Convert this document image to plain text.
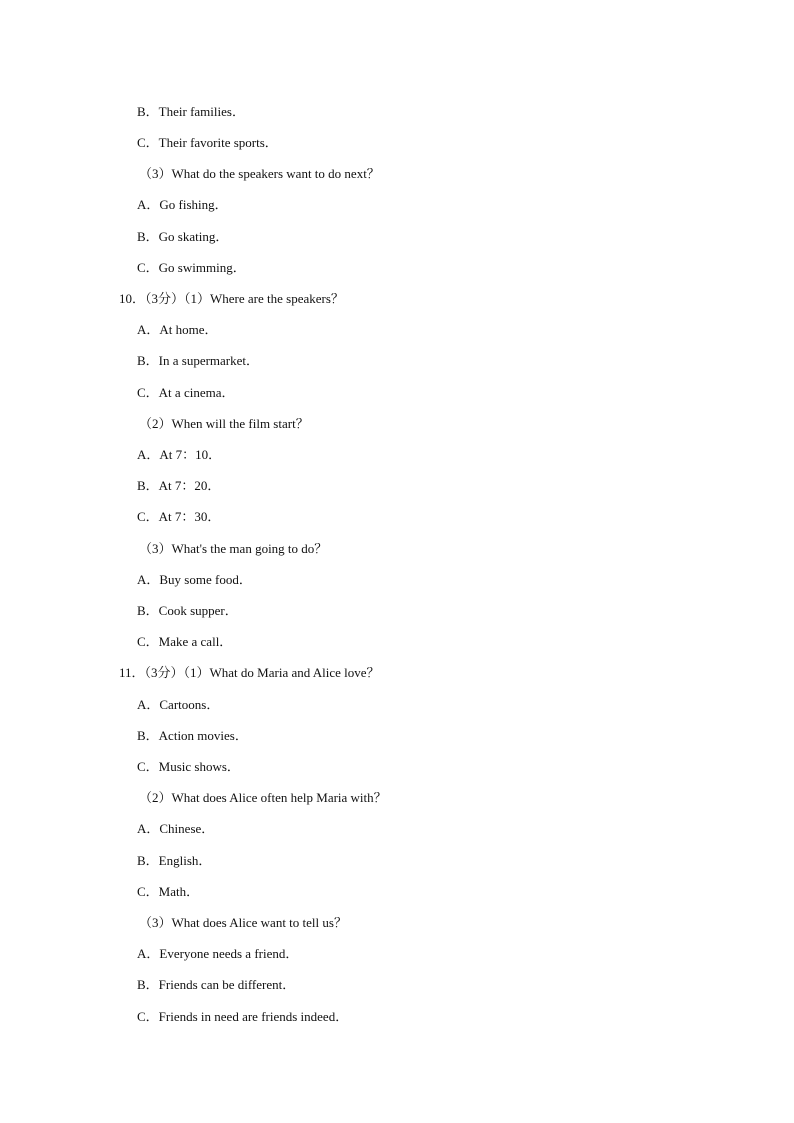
B．Their families．
C．Their favorite sports．
（3）What do the speakers want to do next？
A．Go fishing．
B．Go skating．
C．Go swimming．
10．（3分）（1）Where are the speakers？
A．At home．
B．In a supermarket．
C．At a cinema．
（2）When will the film start？
A．At 7：10．
B．At 7：20．
C．At 7：30．
（3）What's the man going to do？
A．Buy some food．
B．Cook supper．
C．Make a call．
11．（3分）（1）What do Maria and Alice love？
A．Cartoons．
B．Action movies．
C．Music shows．
（2）What does Alice often help Maria with？
A．Chinese．
B．English．
C．Math．
（3）What does Alice want to tell us？
A．Everyone needs a friend．
B．Friends can be different．
C．Friends in need are friends indeed．
